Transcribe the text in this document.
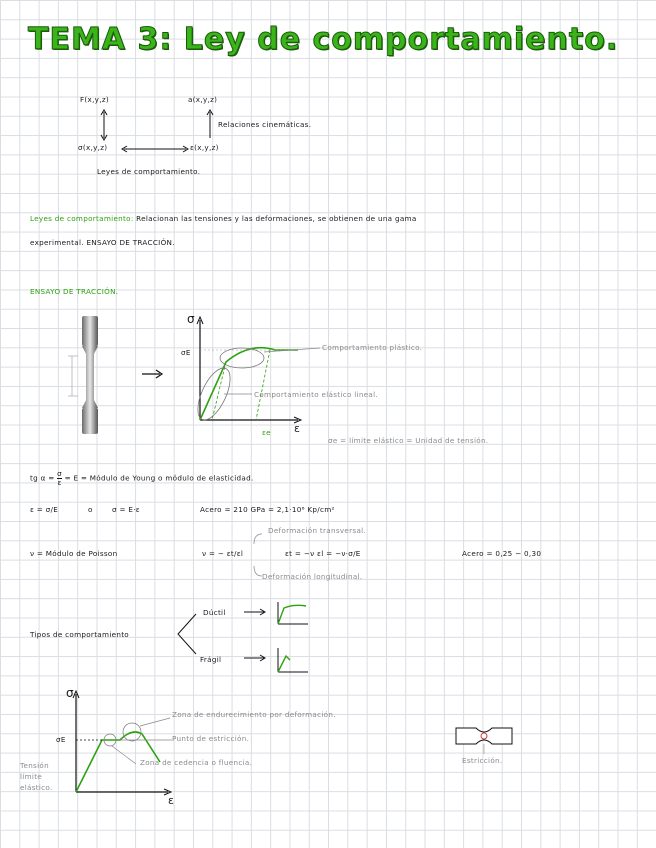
TEMA 3: Ley de comportamiento.
F(x,y,z)	a(x,y,z)
σ(x,y,z)	ε(x,y,z)
Relaciones cinemáticas.
Leyes de comportamiento.
Leyes de comportamiento: Relacionan las tensiones y las deformaciones, se obtienen de una gama
experimental. ENSAYO DE TRACCIÓN.
ENSAYO DE TRACCIÓN.
σ
σE
ε
εe
Comportamiento plástico.
Comportamiento elástico lineal.
σe = límite elástico = Unidad de tensión.
tg $\alpha = \frac{\sigma}{\varepsilon} = E$ = Módulo de Young o módulo de elasticidad.
ε = σ/E	o	σ = E·ε	Acero = 210 GPa = 2,1·10⁶ Kp/cm²
ν = Módulo de Poisson	ν = − εt/εl	εt = −ν εl = −ν·σ/E
Deformación transversal.
Deformación longitudinal.
Acero = 0,25 − 0,30
Tipos de comportamiento
Dúctil
Frágil
σ
σE
ε
Zona de endurecimiento por deformación.
Punto de estricción.
Zona de cedencia o fluencia.
Tensión límite elástico.
Estricción.
